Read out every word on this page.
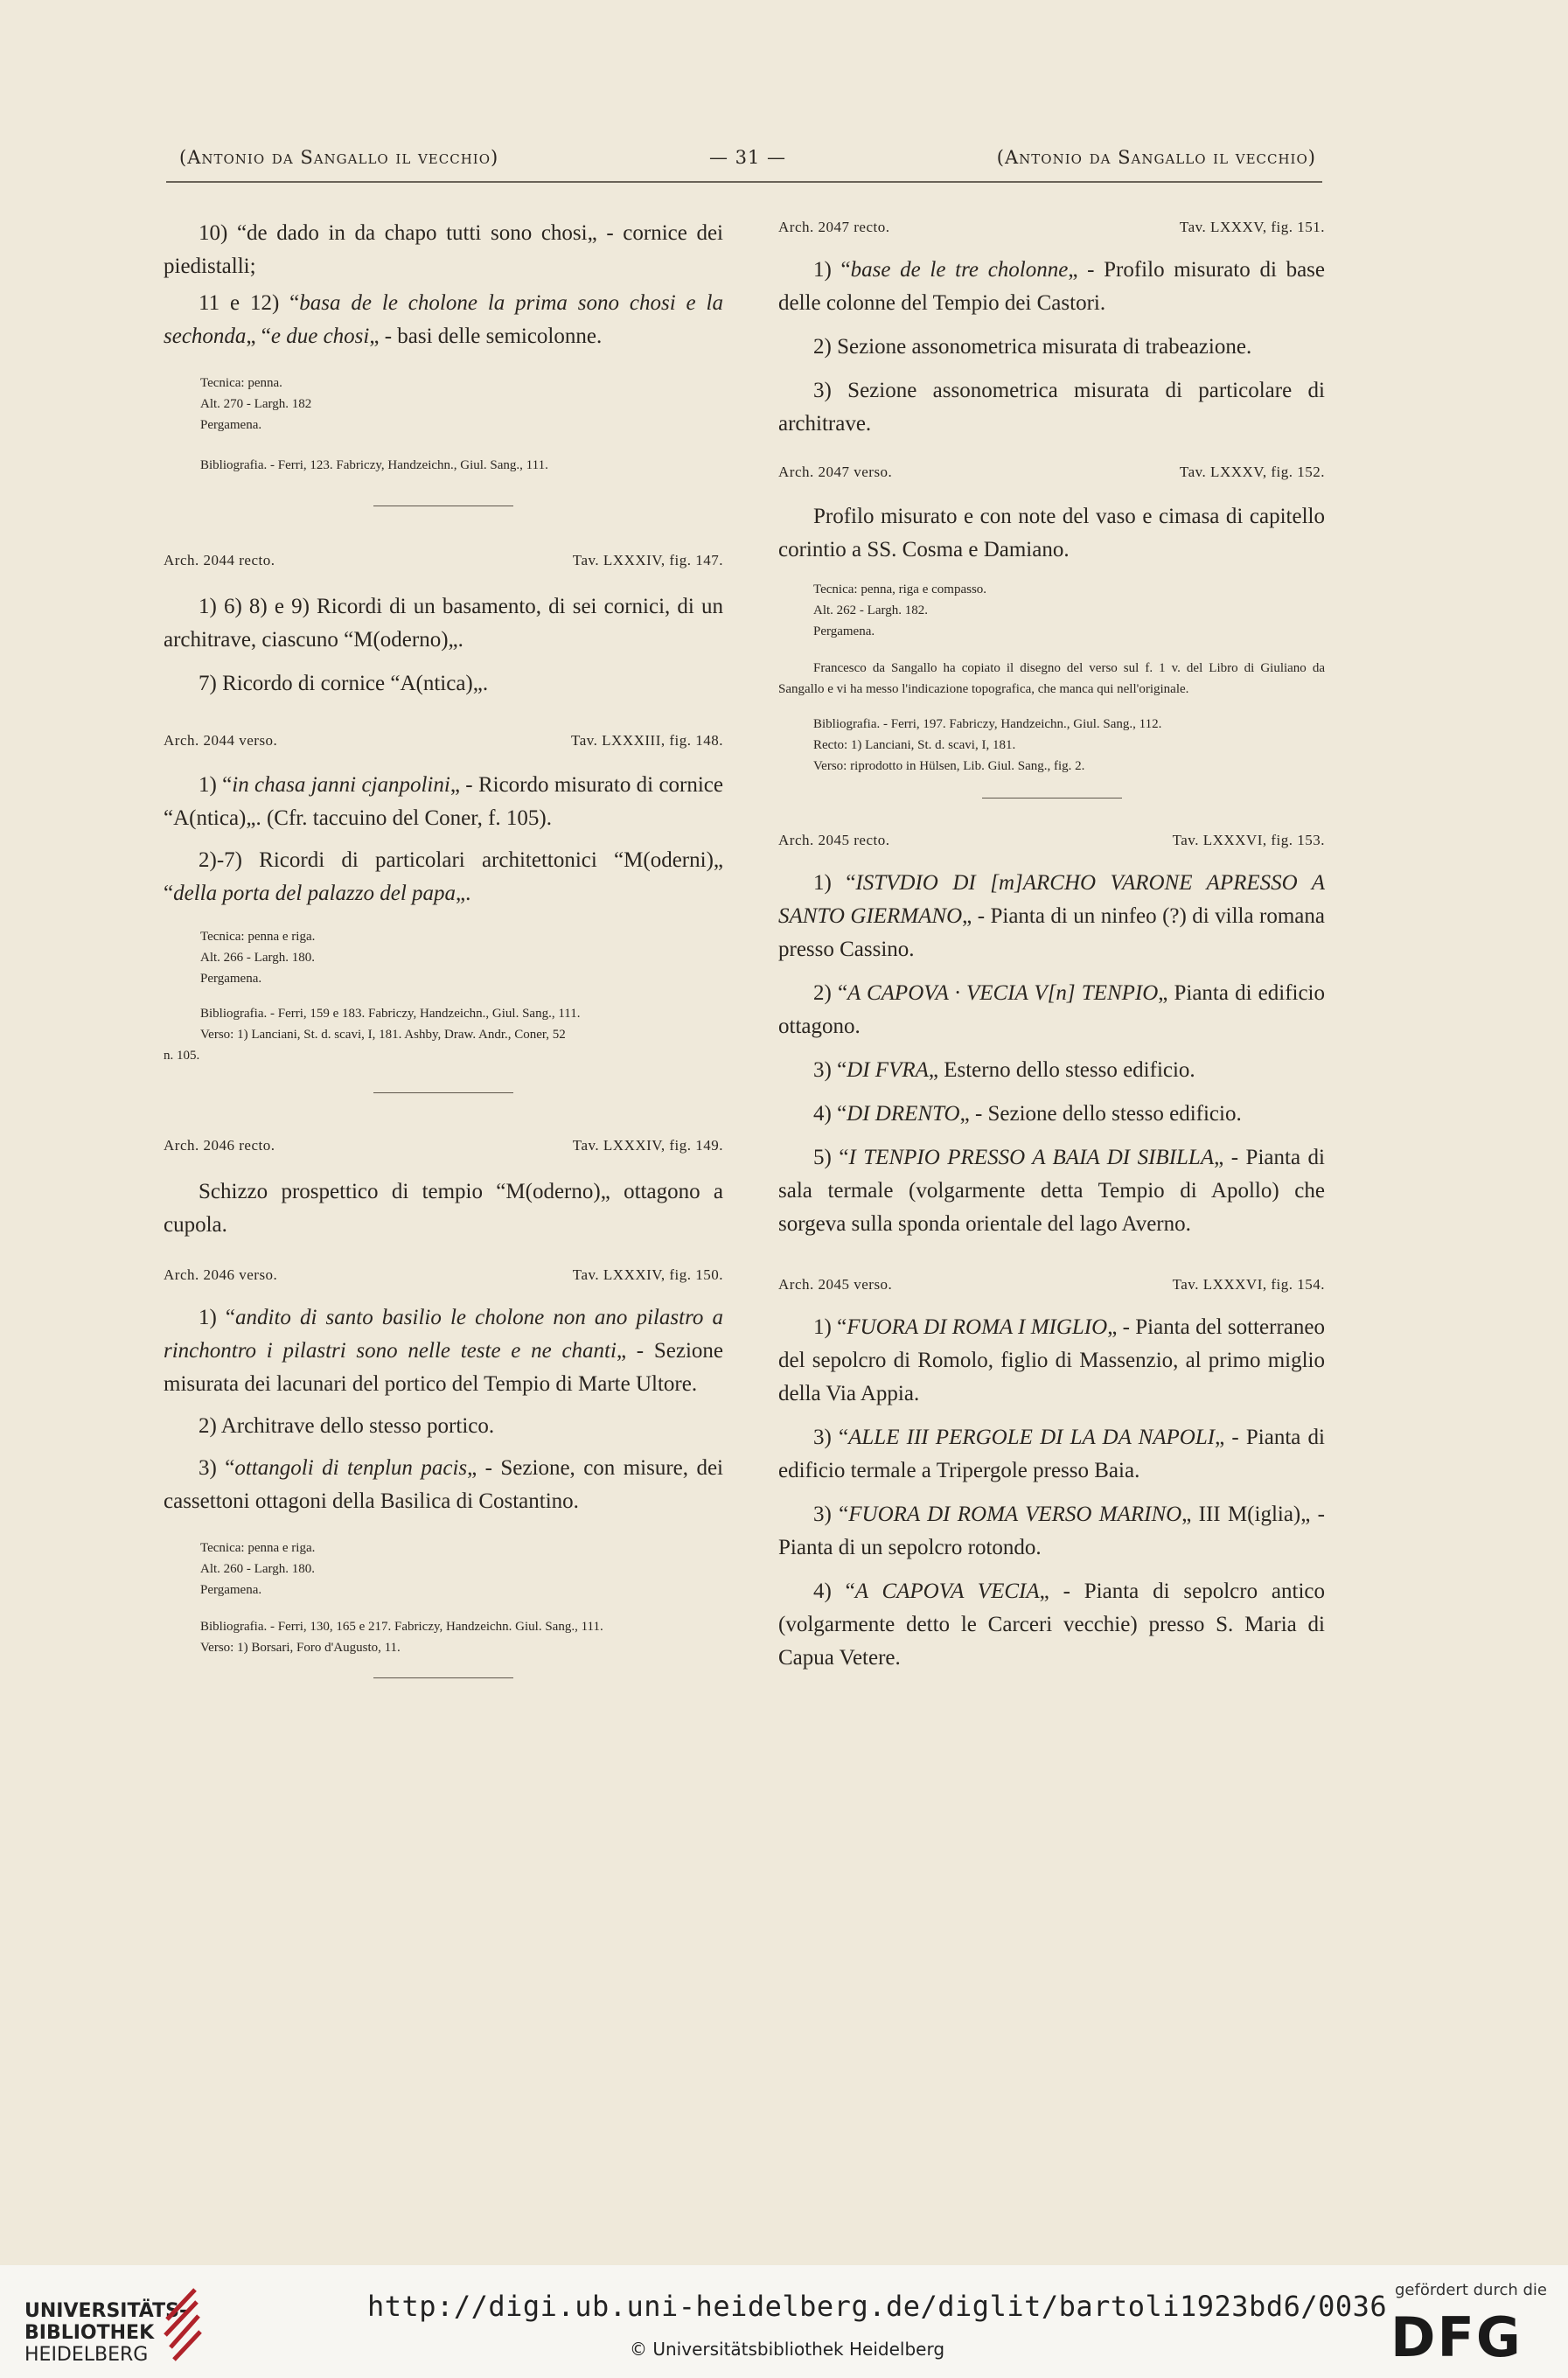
(Antonio da Sangallo il vecchio)	— 31 —	(Antonio da Sangallo il vecchio)

10) “de dado in da chapo tutti sono chosi„ - cornice dei piedistalli;

11 e 12) “basa de le cholone la prima sono chosi e la sechonda„ “e due chosi„ - basi delle semicolonne.

Tecnica: penna.

Alt. 270 - Largh. 182

Pergamena.

Bibliografia. - Ferri, 123. Fabriczy, Handzeichn., Giul. Sang., 111.

Arch. 2044 recto.	Tav. LXXXIV, fig. 147.

1) 6) 8) e 9) Ricordi di un basamento, di sei cornici, di un architrave, ciascuno “M(oderno)„.

7) Ricordo di cornice “A(ntica)„.

Arch. 2044 verso.	Tav. LXXXIII, fig. 148.

1) “in chasa janni cjanpolini„ - Ricordo misurato di cornice “A(ntica)„. (Cfr. taccuino del Coner, f. 105).

2)-7) Ricordi di particolari architettonici “M(oderni)„ “della porta del palazzo del papa„.

Tecnica: penna e riga.

Alt. 266 - Largh. 180.

Pergamena.

Bibliografia. - Ferri, 159 e 183. Fabriczy, Handzeichn., Giul. Sang., 111.

Verso: 1) Lanciani, St. d. scavi, I, 181. Ashby, Draw. Andr., Coner, 52

n. 105.

Arch. 2046 recto.	Tav. LXXXIV, fig. 149.

Schizzo prospettico di tempio “M(oderno)„ ottagono a cupola.

Arch. 2046 verso.	Tav. LXXXIV, fig. 150.

1) “andito di santo basilio le cholone non ano pilastro a rinchontro i pilastri sono nelle teste e ne chanti„ - Sezione misurata dei lacunari del portico del Tempio di Marte Ultore.

2) Architrave dello stesso portico.

3) “ottangoli di tenplun pacis„ - Sezione, con misure, dei cassettoni ottagoni della Basilica di Costantino.

Tecnica: penna e riga.

Alt. 260 - Largh. 180.

Pergamena.

Bibliografia. - Ferri, 130, 165 e 217. Fabriczy, Handzeichn. Giul. Sang., 111.

Verso: 1) Borsari, Foro d'Augusto, 11.

Arch. 2047 recto.	Tav. LXXXV, fig. 151.

1) “base de le tre cholonne„ - Profilo misurato di base delle colonne del Tempio dei Castori.

2) Sezione assonometrica misurata di trabeazione.

3) Sezione assonometrica misurata di particolare di architrave.

Arch. 2047 verso.	Tav. LXXXV, fig. 152.

Profilo misurato e con note del vaso e cimasa di capitello corintio a SS. Cosma e Damiano.

Tecnica: penna, riga e compasso.

Alt. 262 - Largh. 182.

Pergamena.

Francesco da Sangallo ha copiato il disegno del verso sul f. 1 v. del Libro di Giuliano da Sangallo e vi ha messo l'indicazione topografica, che manca qui nell'originale.

Bibliografia. - Ferri, 197. Fabriczy, Handzeichn., Giul. Sang., 112.

Recto: 1) Lanciani, St. d. scavi, I, 181.

Verso: riprodotto in Hülsen, Lib. Giul. Sang., fig. 2.

Arch. 2045 recto.	Tav. LXXXVI, fig. 153.

1) “ISTVDIO DI [m]ARCHO VARONE APRESSO A SANTO GIERMANO„ - Pianta di un ninfeo (?) di villa romana presso Cassino.

2) “A CAPOVA · VECIA V[n] TENPIO„ Pianta di edificio ottagono.

3) “DI FVRA„ Esterno dello stesso edificio.

4) “DI DRENTO„ - Sezione dello stesso edificio.

5) “I TENPIO PRESSO A BAIA DI SIBILLA„ - Pianta di sala termale (volgarmente detta Tempio di Apollo) che sorgeva sulla sponda orientale del lago Averno.

Arch. 2045 verso.	Tav. LXXXVI, fig. 154.

1) “FUORA DI ROMA I MIGLIO„ - Pianta del sotterraneo del sepolcro di Romolo, figlio di Massenzio, al primo miglio della Via Appia.

3) “ALLE III PERGOLE DI LA DA NAPOLI„ - Pianta di edificio termale a Tripergole presso Baia.

3) “FUORA DI ROMA VERSO MARINO„ III M(iglia)„ - Pianta di un sepolcro rotondo.

4) “A CAPOVA VECIA„ - Pianta di sepolcro antico (volgarmente detto le Carceri vecchie) presso S. Maria di Capua Vetere.

UNIVERSITÄTS-
BIBLIOTHEK
HEIDELBERG
http://digi.ub.uni-heidelberg.de/diglit/bartoli1923bd6/0036
© Universitätsbibliothek Heidelberg
gefördert durch die
DFG
